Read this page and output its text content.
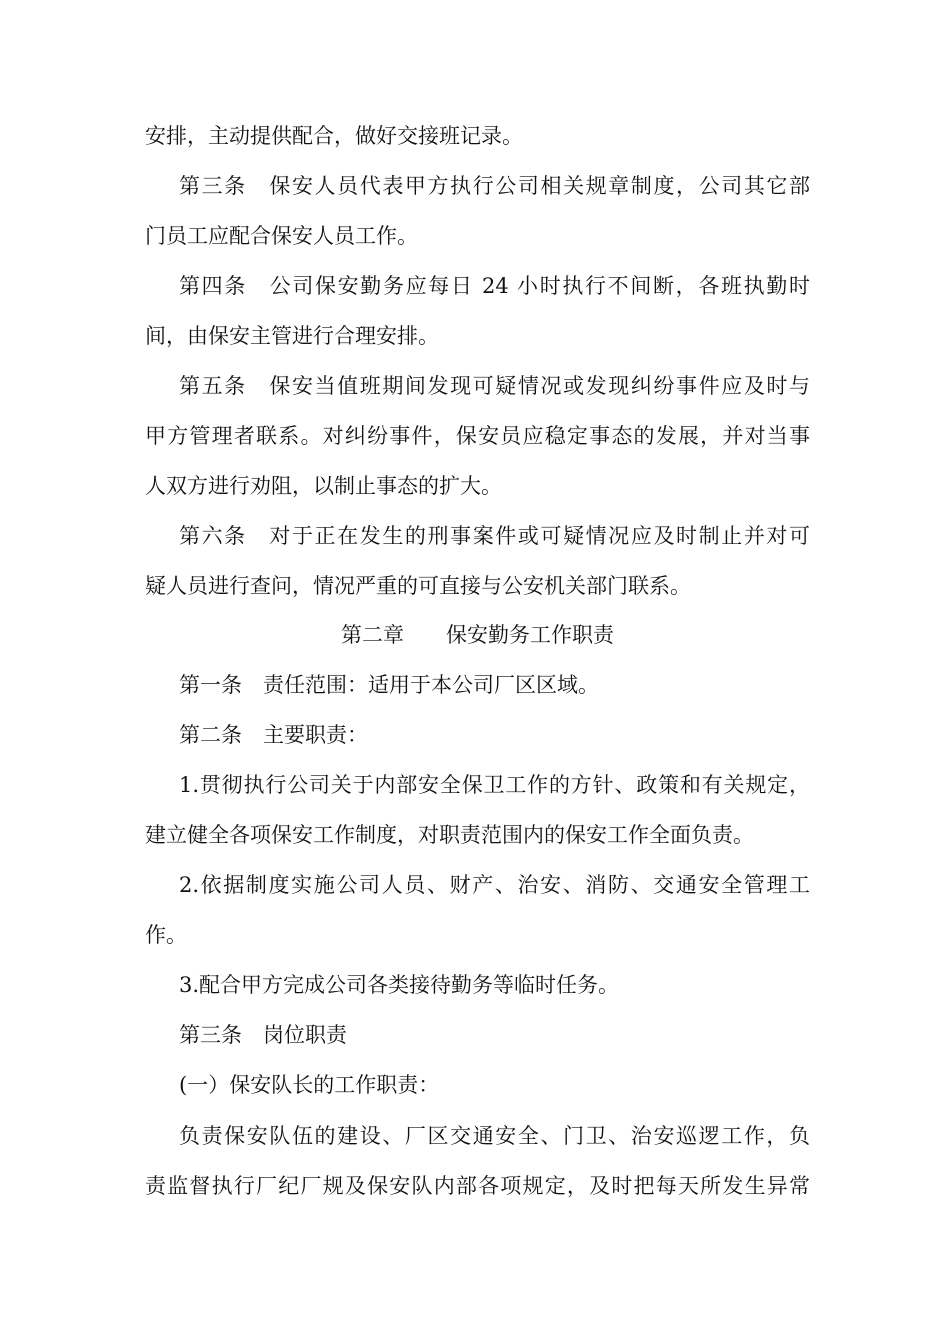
安排，主动提供配合，做好交接班记录。
第三条　保安人员代表甲方执行公司相关规章制度，公司其它部
门员工应配合保安人员工作。
第四条　公司保安勤务应每日 24 小时执行不间断，各班执勤时
间，由保安主管进行合理安排。
第五条　保安当值班期间发现可疑情况或发现纠纷事件应及时与
甲方管理者联系。对纠纷事件，保安员应稳定事态的发展，并对当事
人双方进行劝阻，以制止事态的扩大。
第六条　对于正在发生的刑事案件或可疑情况应及时制止并对可
疑人员进行查问，情况严重的可直接与公安机关部门联系。
第二章　　保安勤务工作职责
第一条　责任范围：适用于本公司厂区区域。
第二条　主要职责：
1.贯彻执行公司关于内部安全保卫工作的方针、政策和有关规定，
建立健全各项保安工作制度，对职责范围内的保安工作全面负责。
2.依据制度实施公司人员、财产、治安、消防、交通安全管理工
作。
3.配合甲方完成公司各类接待勤务等临时任务。
第三条　岗位职责
(一）保安队长的工作职责：
负责保安队伍的建设、厂区交通安全、门卫、治安巡逻工作，负
责监督执行厂纪厂规及保安队内部各项规定，及时把每天所发生异常
